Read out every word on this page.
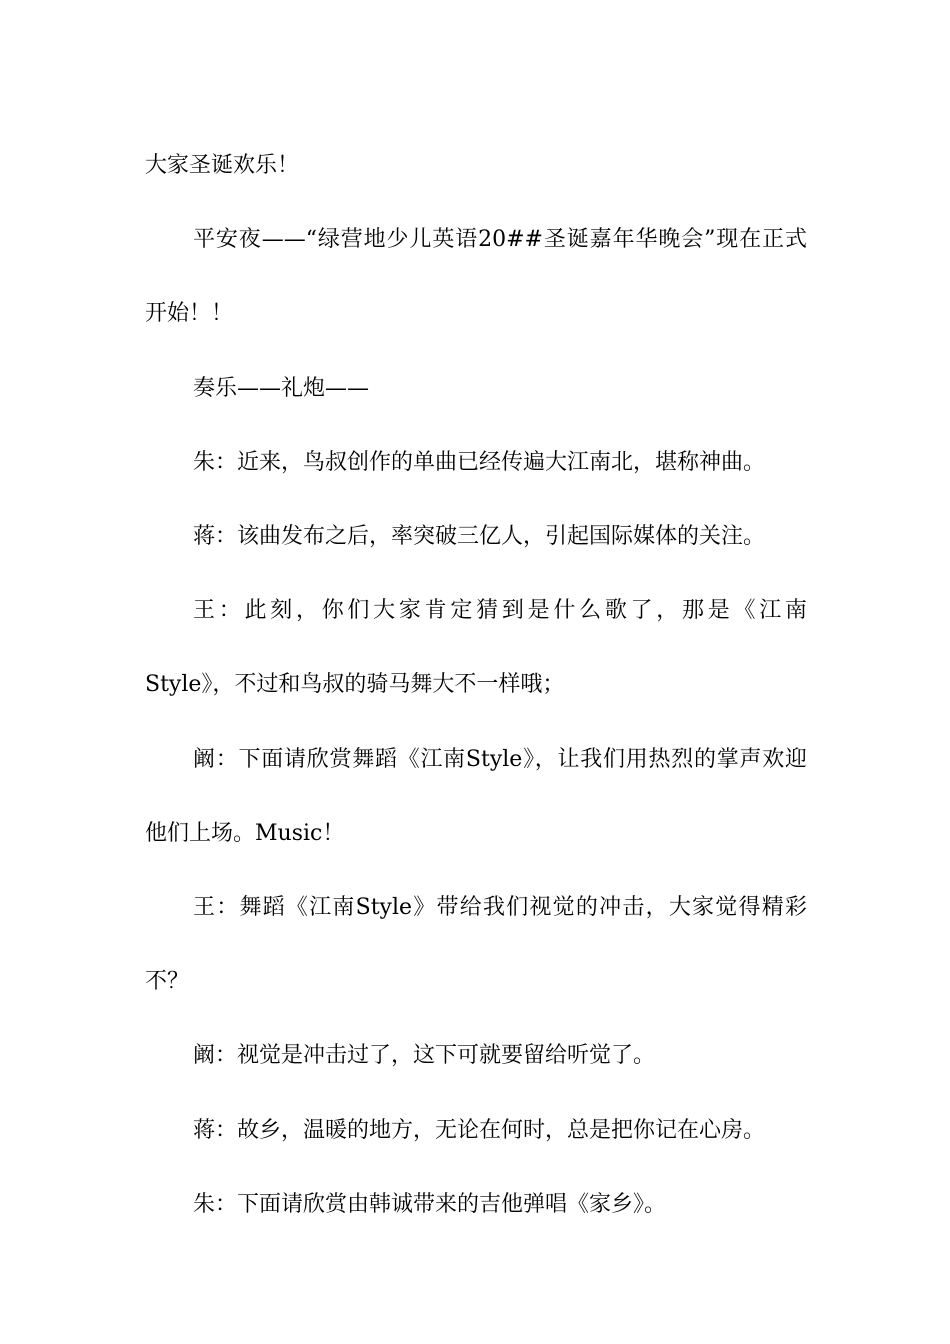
大家圣诞欢乐！

平安夜——“绿营地少儿英语20##圣诞嘉年华晚会”现在正式开始！！

奏乐——礼炮——

朱：近来，鸟叔创作的单曲已经传遍大江南北，堪称神曲。

蒋：该曲发布之后，率突破三亿人，引起国际媒体的关注。

王：此刻，你们大家肯定猜到是什么歌了，那是《江南Style》，不过和鸟叔的骑马舞大不一样哦；

阚：下面请欣赏舞蹈《江南Style》，让我们用热烈的掌声欢迎他们上场。Music！

王：舞蹈《江南Style》带给我们视觉的冲击，大家觉得精彩不？

阚：视觉是冲击过了，这下可就要留给听觉了。

蒋：故乡，温暖的地方，无论在何时，总是把你记在心房。

朱：下面请欣赏由韩诚带来的吉他弹唱《家乡》。
